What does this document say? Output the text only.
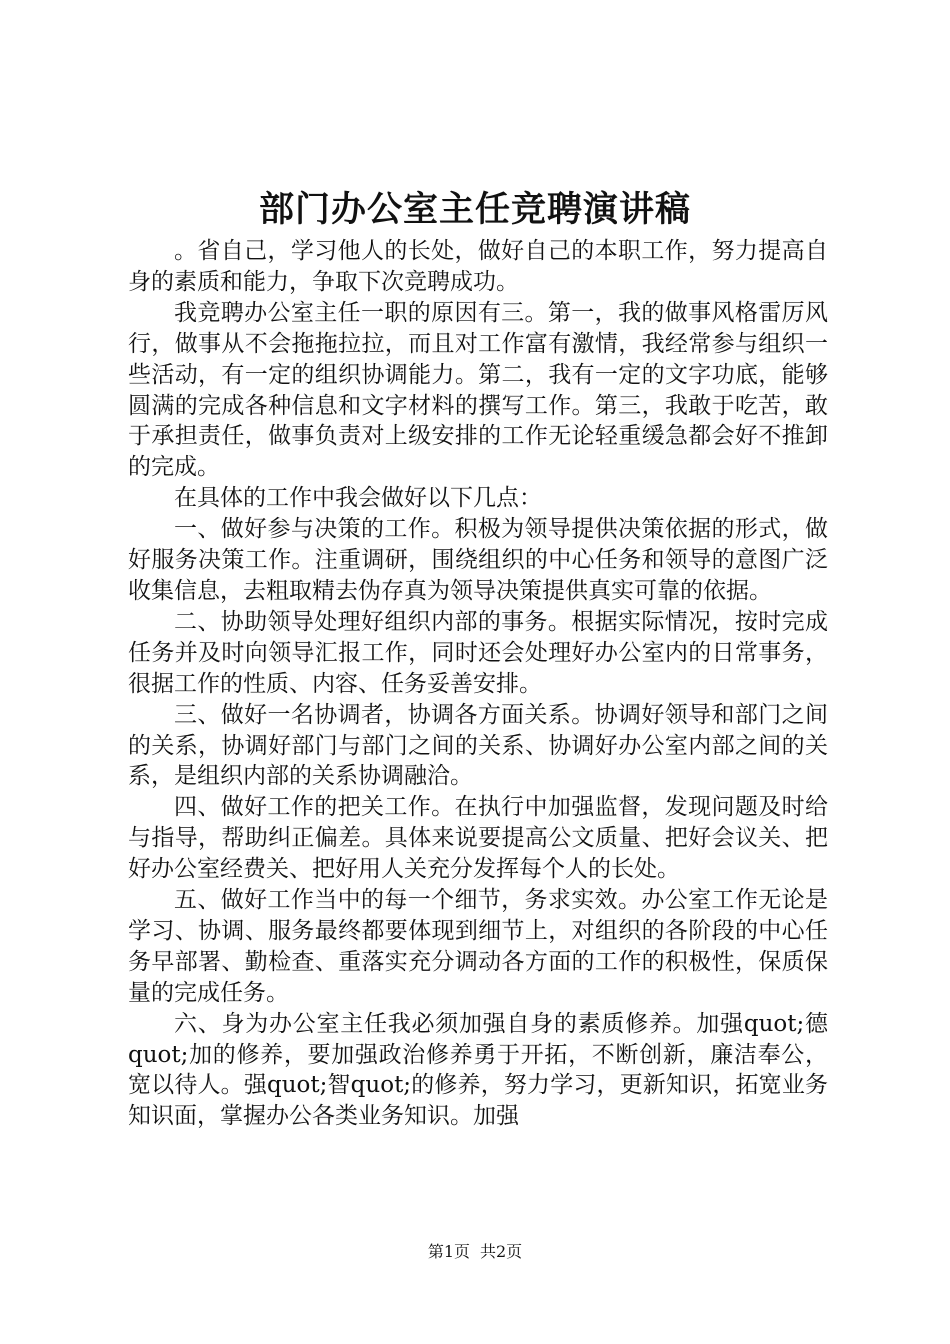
部门办公室主任竞聘演讲稿

。省自己，学习他人的长处，做好自己的本职工作，努力提高自身的素质和能力，争取下次竞聘成功。

我竞聘办公室主任一职的原因有三。第一，我的做事风格雷厉风行，做事从不会拖拖拉拉，而且对工作富有激情，我经常参与组织一些活动，有一定的组织协调能力。第二，我有一定的文字功底，能够圆满的完成各种信息和文字材料的撰写工作。第三，我敢于吃苦，敢于承担责任，做事负责对上级安排的工作无论轻重缓急都会好不推卸的完成。

在具体的工作中我会做好以下几点：

一、做好参与决策的工作。积极为领导提供决策依据的形式，做好服务决策工作。注重调研，围绕组织的中心任务和领导的意图广泛收集信息，去粗取精去伪存真为领导决策提供真实可靠的依据。

二、协助领导处理好组织内部的事务。根据实际情况，按时完成任务并及时向领导汇报工作，同时还会处理好办公室内的日常事务，很据工作的性质、内容、任务妥善安排。

三、做好一名协调者，协调各方面关系。协调好领导和部门之间的关系，协调好部门与部门之间的关系、协调好办公室内部之间的关系，是组织内部的关系协调融洽。

四、做好工作的把关工作。在执行中加强监督，发现问题及时给与指导，帮助纠正偏差。具体来说要提高公文质量、把好会议关、把好办公室经费关、把好用人关充分发挥每个人的长处。

五、做好工作当中的每一个细节，务求实效。办公室工作无论是学习、协调、服务最终都要体现到细节上，对组织的各阶段的中心任务早部署、勤检查、重落实充分调动各方面的工作的积极性，保质保量的完成任务。

六、身为办公室主任我必须加强自身的素质修养。加强quot;德quot;加的修养，要加强政治修养勇于开拓，不断创新，廉洁奉公，宽以待人。强quot;智quot;的修养，努力学习，更新知识，拓宽业务知识面，掌握办公各类业务知识。加强

第1页 共2页
